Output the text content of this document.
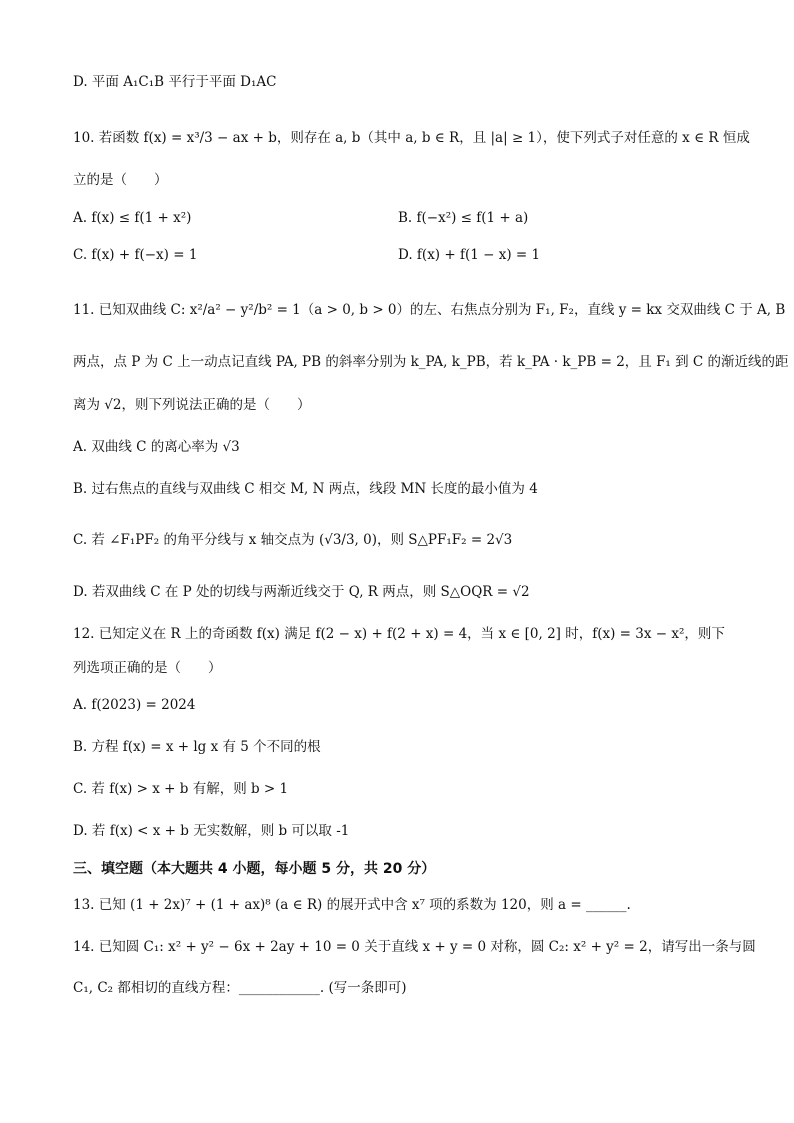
D. 平面 A₁C₁B 平行于平面 D₁AC
10. 若函数 f(x) = x³/3 − ax + b，则存在 a, b（其中 a, b ∈ R，且 |a| ≥ 1），使下列式子对任意的 x ∈ R 恒成
立的是（　　）
A. f(x) ≤ f(1 + x²)	B. f(−x²) ≤ f(1 + a)
C. f(x) + f(−x) = 1	D. f(x) + f(1 − x) = 1
11. 已知双曲线 C: x²/a² − y²/b² = 1（a > 0, b > 0）的左、右焦点分别为 F₁, F₂，直线 y = kx 交双曲线 C 于 A, B
两点，点 P 为 C 上一动点记直线 PA, PB 的斜率分别为 k_PA, k_PB，若 k_PA · k_PB = 2，且 F₁ 到 C 的渐近线的距
离为 √2，则下列说法正确的是（　　）
A. 双曲线 C 的离心率为 √3
B. 过右焦点的直线与双曲线 C 相交 M, N 两点，线段 MN 长度的最小值为 4
C. 若 ∠F₁PF₂ 的角平分线与 x 轴交点为 (√3/3, 0)，则 S△PF₁F₂ = 2√3
D. 若双曲线 C 在 P 处的切线与两渐近线交于 Q, R 两点，则 S△OQR = √2
12. 已知定义在 R 上的奇函数 f(x) 满足 f(2 − x) + f(2 + x) = 4，当 x ∈ [0, 2] 时，f(x) = 3x − x²，则下
列选项正确的是（　　）
A. f(2023) = 2024
B. 方程 f(x) = x + lg x 有 5 个不同的根
C. 若 f(x) > x + b 有解，则 b > 1
D. 若 f(x) < x + b 无实数解，则 b 可以取 -1
三、填空题（本大题共 4 小题，每小题 5 分，共 20 分）
13. 已知 (1 + 2x)⁷ + (1 + ax)⁸ (a ∈ R) 的展开式中含 x⁷ 项的系数为 120，则 a = ______.
14. 已知圆 C₁: x² + y² − 6x + 2ay + 10 = 0 关于直线 x + y = 0 对称，圆 C₂: x² + y² = 2，请写出一条与圆
C₁, C₂ 都相切的直线方程：____________. (写一条即可)
